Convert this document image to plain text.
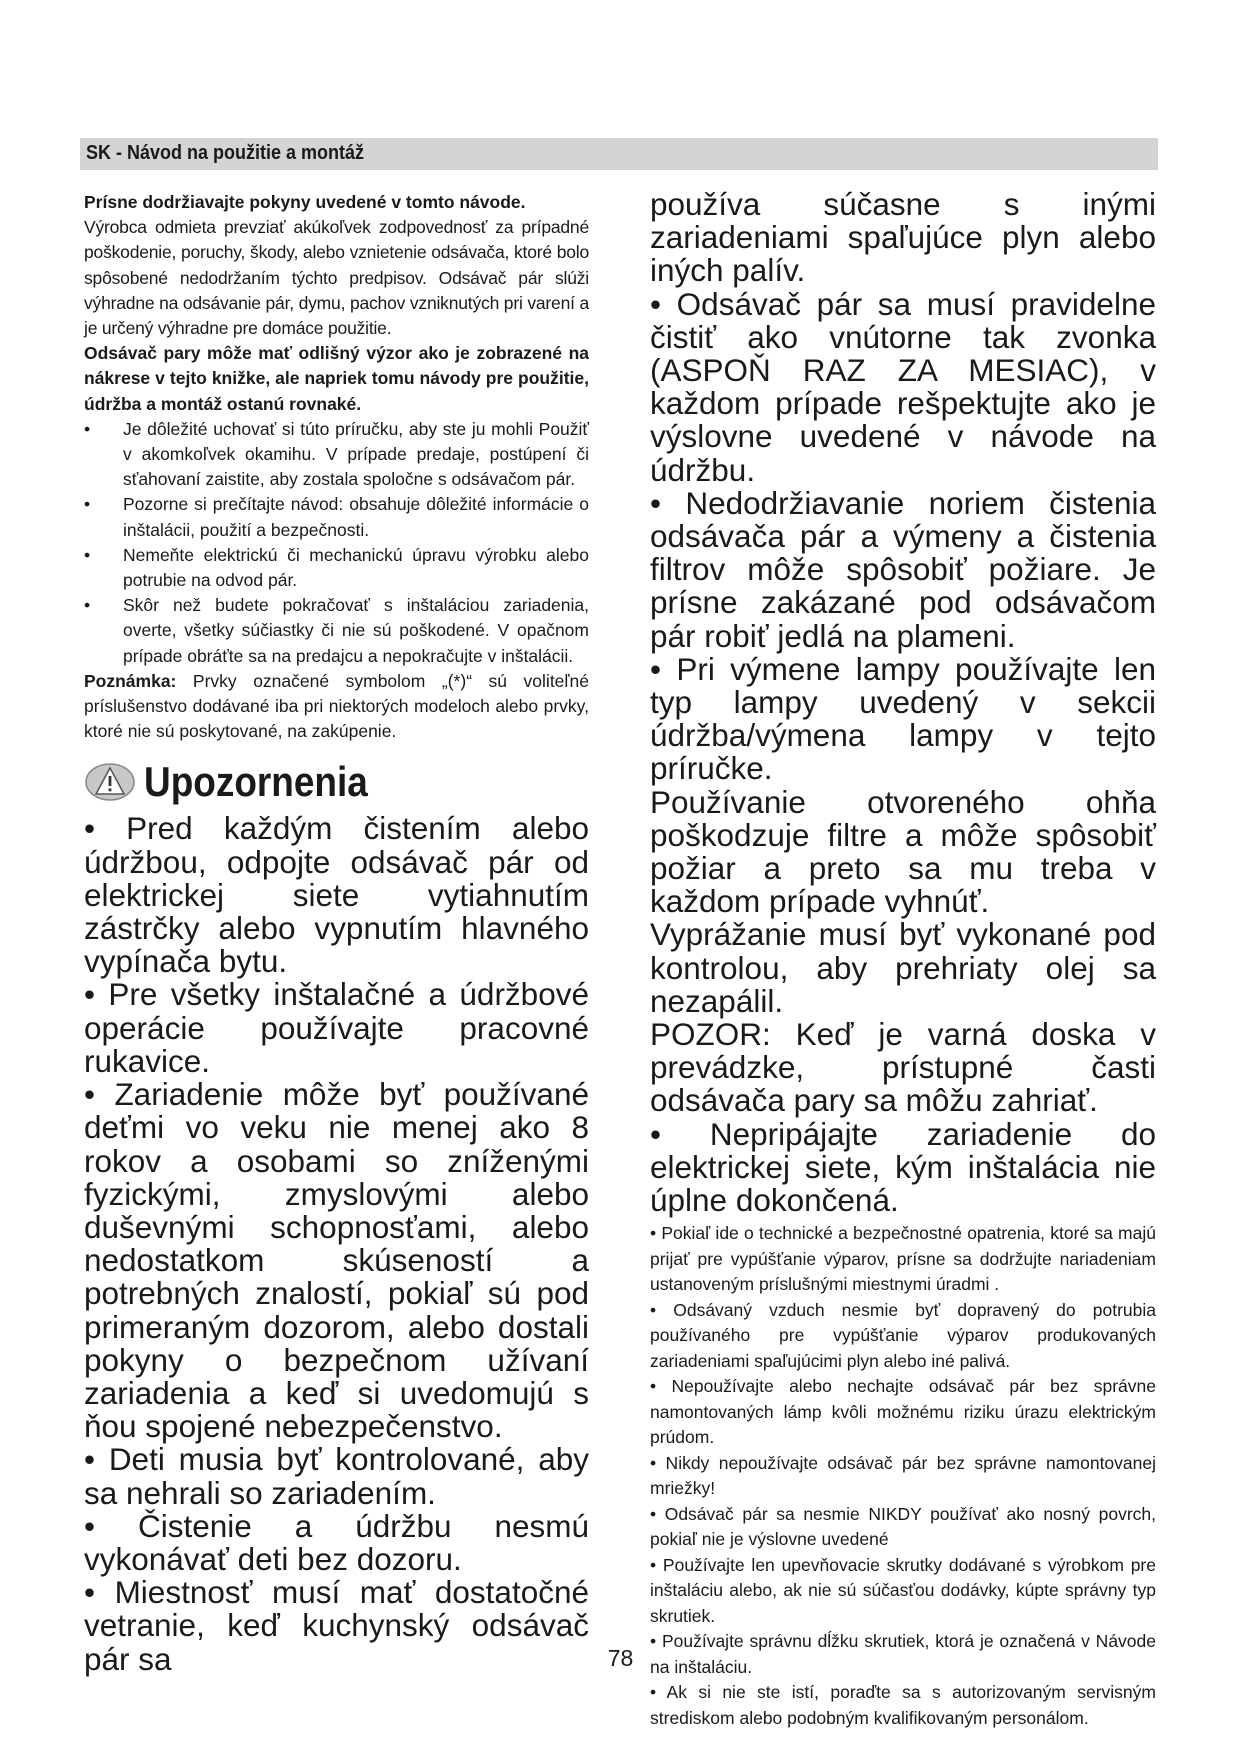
SK - Návod na použitie a montáž

Prísne dodržiavajte pokyny uvedené v tomto návode.

Výrobca odmieta prevziať akúkoľvek zodpovednosť za prípadné poškodenie, poruchy, škody, alebo vznietenie odsávača, ktoré bolo spôsobené nedodržaním týchto predpisov. Odsávač pár slúži výhradne na odsávanie pár, dymu, pachov vzniknutých pri varení a je určený výhradne pre domáce použitie.

Odsávač pary môže mať odlišný výzor ako je zobrazené na nákrese v tejto knižke, ale napriek tomu návody pre použitie, údržba a montáž ostanú rovnaké.

•	Je dôležité uchovať si túto príručku, aby ste ju mohli Použiť v akomkoľvek okamihu. V prípade predaje, postúpení či sťahovaní zaistite, aby zostala spoločne s odsávačom pár.
•	Pozorne si prečítajte návod: obsahuje dôležité informácie o inštalácii, použití a bezpečnosti.
•	Nemeňte elektrickú či mechanickú úpravu výrobku alebo potrubie na odvod pár.
•	Skôr než budete pokračovať s inštaláciou zariadenia, overte, všetky súčiastky či nie sú poškodené. V opačnom prípade obráťte sa na predajcu a nepokračujte v inštalácii.

Poznámka: Prvky označené symbolom „(*)“ sú voliteľné príslušenstvo dodávané iba pri niektorých modeloch alebo prvky, ktoré nie sú poskytované, na zakúpenie.

Upozornenia

• Pred každým čistením alebo údržbou, odpojte odsávač pár od elektrickej siete vytiahnutím zástrčky alebo vypnutím hlavného vypínača bytu.

• Pre všetky inštalačné a údržbové operácie používajte pracovné rukavice.

• Zariadenie môže byť používané deťmi vo veku nie menej ako 8 rokov a osobami so zníženými fyzickými, zmyslovými alebo duševnými schopnosťami, alebo nedostatkom skúseností a potrebných znalostí, pokiaľ sú pod primeraným dozorom, alebo dostali pokyny o bezpečnom užívaní zariadenia a keď si uvedomujú s ňou spojené nebezpečenstvo.

• Deti musia byť kontrolované, aby sa nehrali so zariadením.

• Čistenie a údržbu nesmú vykonávať deti bez dozoru.

• Miestnosť musí mať dostatočné vetranie, keď kuchynský odsávač pár sa

používa súčasne s inými zariadeniami spaľujúce plyn alebo iných palív.

• Odsávač pár sa musí pravidelne čistiť ako vnútorne tak zvonka (ASPOŇ RAZ ZA MESIAC), v každom prípade rešpektujte ako je výslovne uvedené v návode na údržbu.

• Nedodržiavanie noriem čistenia odsávača pár a výmeny a čistenia filtrov môže spôsobiť požiare. Je prísne zakázané pod odsávačom pár robiť jedlá na plameni.

• Pri výmene lampy používajte len typ lampy uvedený v sekcii údržba/výmena lampy v tejto príručke.

Používanie otvoreného ohňa poškodzuje filtre a môže spôsobiť požiar a preto sa mu treba v každom prípade vyhnúť.

Vyprážanie musí byť vykonané pod kontrolou, aby prehriaty olej sa nezapálil.

POZOR: Keď je varná doska v prevádzke, prístupné časti odsávača pary sa môžu zahriať.

• Nepripájajte zariadenie do elektrickej siete, kým inštalácia nie úplne dokončená.

• Pokiaľ ide o technické a bezpečnostné opatrenia, ktoré sa majú prijať pre vypúšťanie výparov, prísne sa dodržujte nariadeniam ustanoveným príslušnými miestnymi úradmi .

• Odsávaný vzduch nesmie byť dopravený do potrubia používaného pre vypúšťanie výparov produkovaných zariadeniami spaľujúcimi plyn alebo iné palivá.

• Nepoužívajte alebo nechajte odsávač pár bez správne namontovaných lámp kvôli možnému riziku úrazu elektrickým prúdom.

• Nikdy nepoužívajte odsávač pár bez správne namontovanej mriežky!

• Odsávač pár sa nesmie NIKDY používať ako nosný povrch, pokiaľ nie je výslovne uvedené

• Používajte len upevňovacie skrutky dodávané s výrobkom pre inštaláciu alebo, ak nie sú súčasťou dodávky, kúpte správny typ skrutiek.

• Používajte správnu dĺžku skrutiek, ktorá je označená v Návode na inštaláciu.

• Ak si nie ste istí, poraďte sa s autorizovaným servisným strediskom alebo podobným kvalifikovaným personálom.

78
